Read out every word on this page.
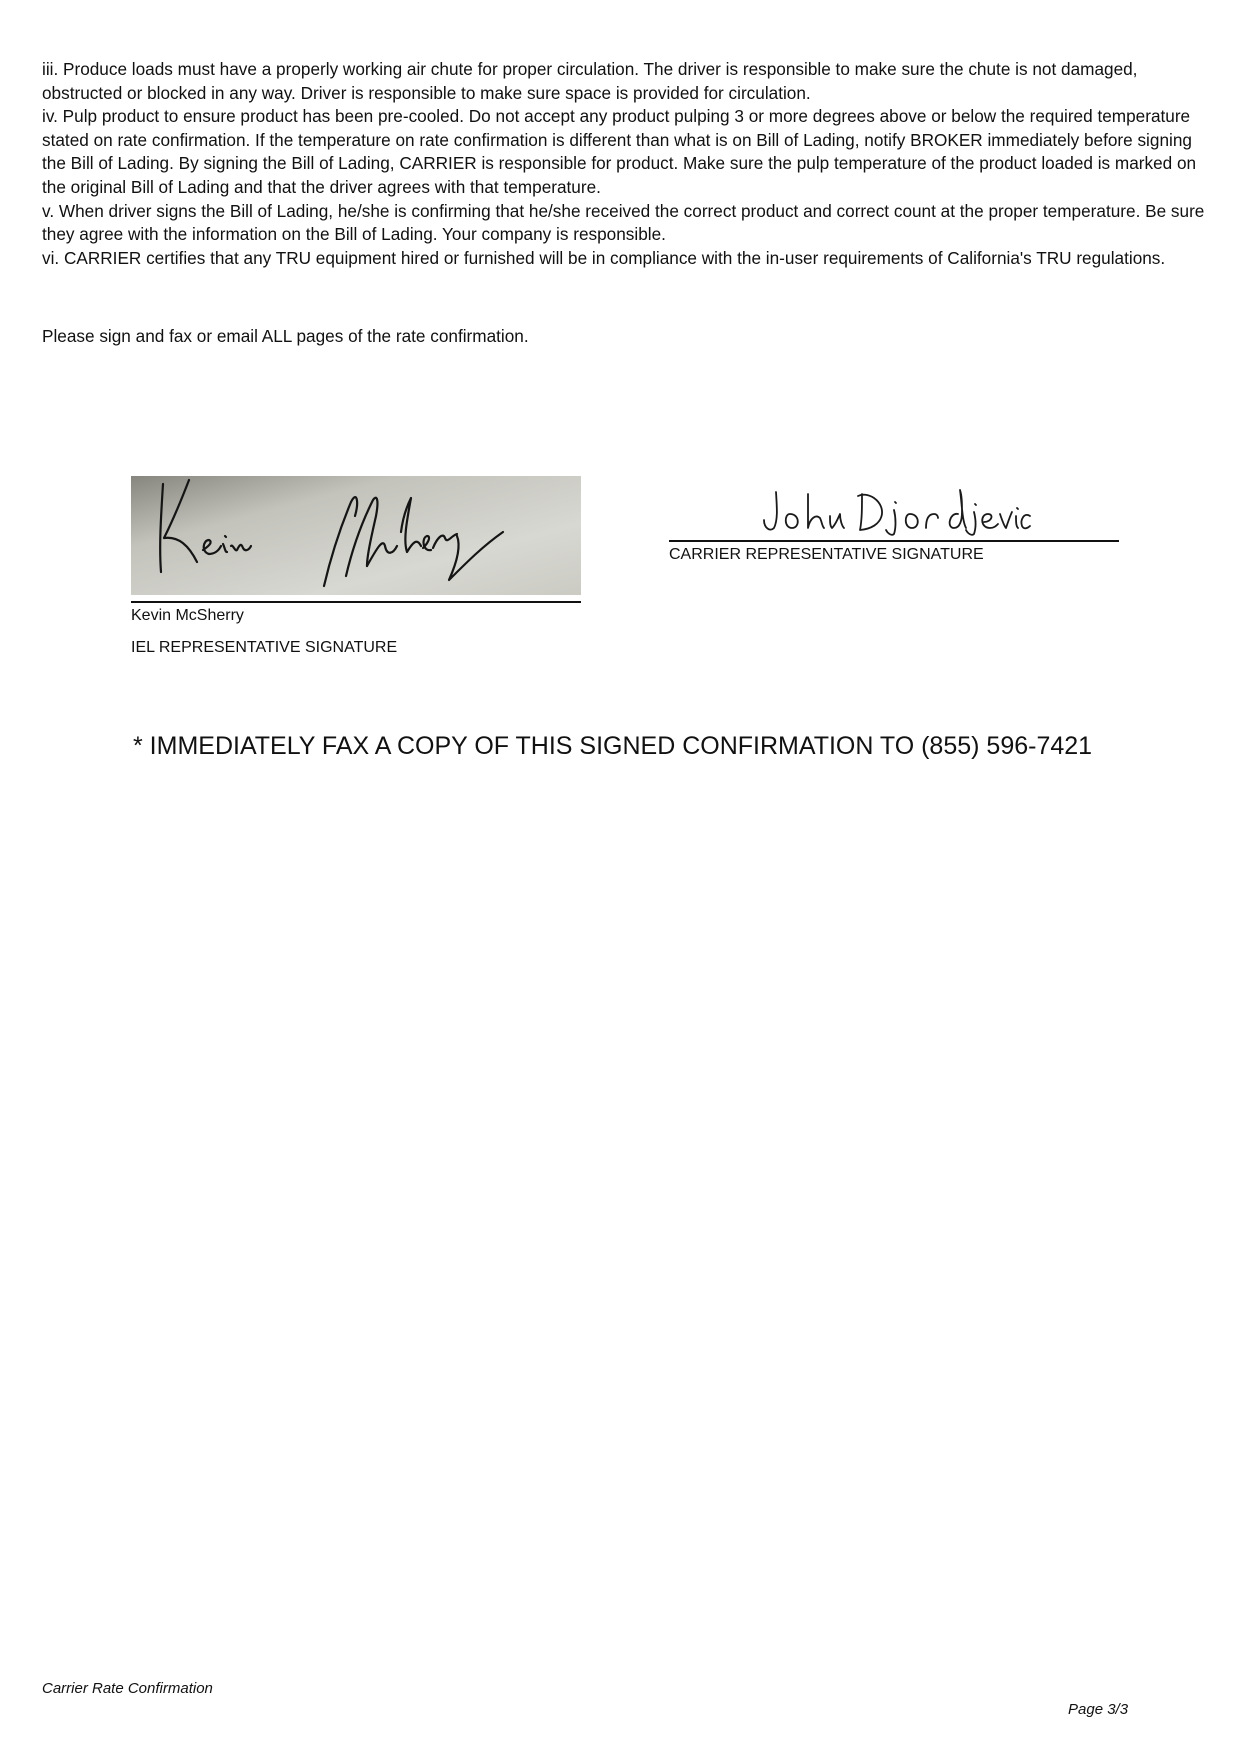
iii. Produce loads must have a properly working air chute for proper circulation. The driver is responsible to make sure the chute is not damaged, obstructed or blocked in any way. Driver is responsible to make sure space is provided for circulation.

iv. Pulp product to ensure product has been pre-cooled. Do not accept any product pulping 3 or more degrees above or below the required temperature stated on rate confirmation. If the temperature on rate confirmation is different than what is on Bill of Lading, notify BROKER immediately before signing the Bill of Lading. By signing the Bill of Lading, CARRIER is responsible for product. Make sure the pulp temperature of the product loaded is marked on the original Bill of Lading and that the driver agrees with that temperature.

v. When driver signs the Bill of Lading, he/she is confirming that he/she received the correct product and correct count at the proper temperature. Be sure they agree with the information on the Bill of Lading. Your company is responsible.

vi. CARRIER certifies that any TRU equipment hired or furnished will be in compliance with the in-user requirements of California's TRU regulations.

Please sign and fax or email ALL pages of the rate confirmation.

Kevin McSherry
IEL REPRESENTATIVE SIGNATURE
CARRIER REPRESENTATIVE SIGNATURE

* IMMEDIATELY FAX A COPY OF THIS SIGNED CONFIRMATION TO (855) 596-7421

Carrier Rate Confirmation

Page 3/3
